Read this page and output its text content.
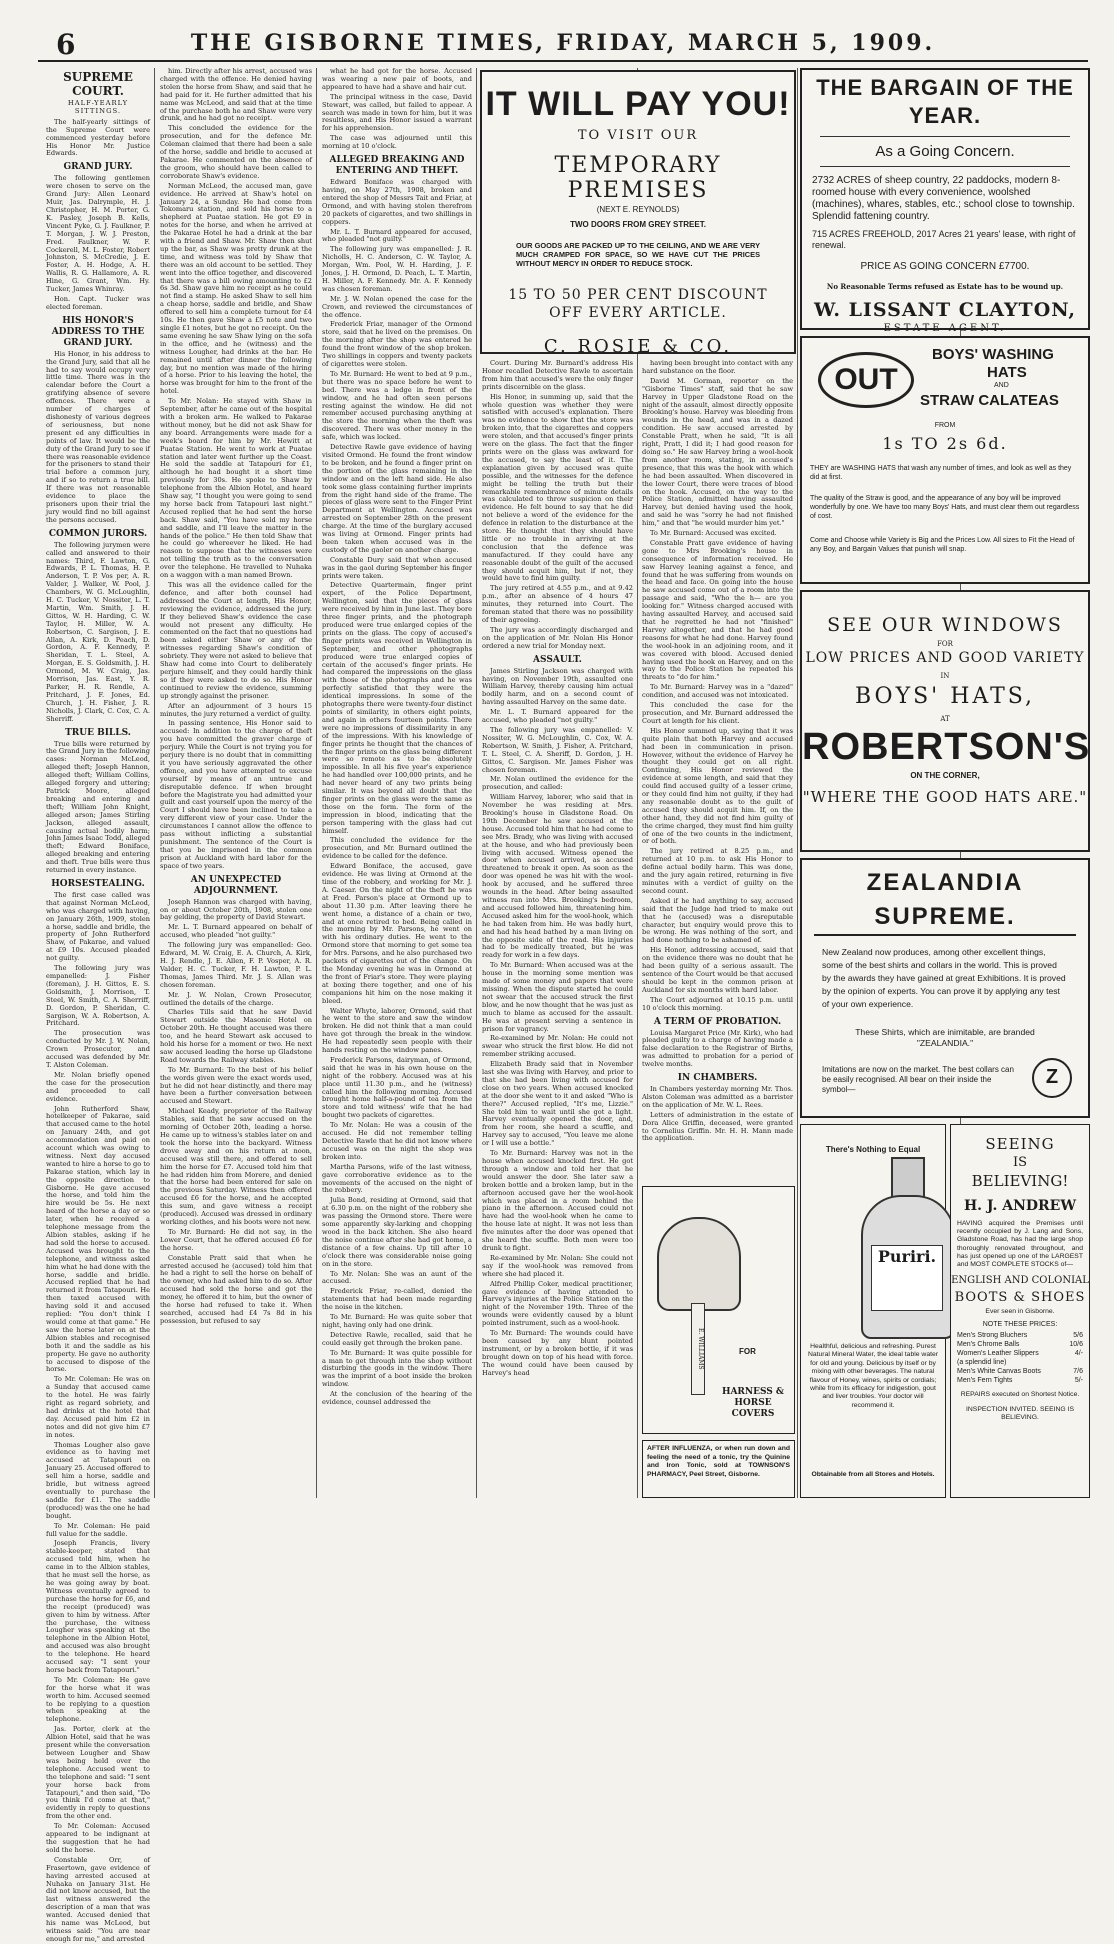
6	THE GISBORNE TIMES, FRIDAY, MARCH 5, 1909.
SUPREME COURT.
HALF-YEARLY SITTINGS.

The half-yearly sittings of the Supreme Court were commenced yesterday before His Honor Mr. Justice Edwards.

GRAND JURY.

The following gentlemen were chosen to serve on the Grand Jury: Allen Leonard Muir, Jas. Dalrymple, H. J. Christopher, H. M. Porter, G. K. Pasley, Joseph B. Kells, Vincent Pyke, G. J. Faulkner, P. T. Morgan, J. W. J. Preston, Fred. Faulkner, W. F. Cockerell, M. L. Foster, Robert Johnston, S. McCredie, J. E. Foster, A. H. Hodge, A. H. Wallis, R. G. Hallamore, A. R. Hine, G. Grant, Wm. Hy. Tucker, James Whinray.

Hon. Capt. Tucker was elected foreman.

HIS HONOR'S ADDRESS TO THE GRAND JURY.

His Honor, in his address to the Grand Jury, said that all he had to say would occupy very little time. There was in the calendar before the Court a gratifying absence of severe offences. There were a number of charges of dishonesty of various degrees of seriousness, but none present ed any difficulties in points of law. It would be the duty of the Grand Jury to see if there was reasonable evidence for the prisoners to stand their trial before a common jury, and if so to return a true bill. If there was not reasonable evidence to place the prisoners upon their trial the jury would find no bill against the persons accused.

COMMON JURORS.

The following jurymen were called and answered to their names: Third, F. Lawton, G. Edwards, P. L. Thomas, H. P. Anderson, T. P. Vos per, A. R. Valder, J. Walker, W. Pool, J. Chambers, W. G. McLoughlin, H. C. Tucker, V. Nossiter, L. T. Martin, Wm. Smith, J. H. Gittos, W. H. Harding, C. W. Taylor, H. Miller, W. A. Robertson, C. Sargison, J. E. Allan, A. Kirk, D. Peach, D. Gordon, A. F. Kennedy, P. Sheridan, T. L. Steel, A. Morgan, E. S. Goldsmith, J. H. Ormond, M. W. Craig, Jas. Morrison, Jas. East, Y. R. Parker, H. R. Rendle, A. Pritchard, J. F. Jones, Ed. Church, J. H. Fisher, J. R. Nicholls, J. Clark, C. Cox, C. A. Sherriff.

TRUE BILLS.

True bills were returned by the Grand Jury in the following cases: Norman McLeod, alleged theft; Joseph Hannon, alleged theft; William Collins, alleged forgery and uttering; Patrick Moore, alleged breaking and entering and theft; William John Knight, alleged arson; James Stirling Jackson, alleged assault, causing actual bodily harm; John James Isaac Todd, alleged theft; Edward Boniface, alleged breaking and entering and theft. True bills were thus returned in every instance.

HORSESTEALING.

The first case called was that against Norman McLeod, who was charged with having, on January 26th, 1909, stolen a horse, saddle and bridle, the property of John Rutherford Shaw, of Pakarae, and valued at £9 10s. Accused pleaded not guilty.

The following jury was empanelled: J. Fisher (foreman), J. H. Gittos, E. S. Goldsmith, J. Morrison, T. Steel, W. Smith, C. A. Sherriff, D. Gordon, P. Sheridan, C. Sargison, W. A. Robertson, A. Pritchard.

The prosecution was conducted by Mr. J. W. Nolan, Crown Prosecutor, and accused was defended by Mr. T. Alston Coleman.

Mr. Nolan briefly opened the case for the prosecution and proceeded to call evidence.

John Rutherford Shaw, hotelkeeper of Pakarae, said that accused came to the hotel on January 24th, and got accommodation and paid on account which was owing to witness. Next day accused wanted to hire a horse to go to Pakarae station, which lay in the opposite direction to Gisborne. He gave accused the horse, and told him the hire would be 5s. He next heard of the horse a day or so later, when he received a telephone message from the Albion stables, asking if he had sold the horse to accused. Accused was brought to the telephone, and witness asked him what he had done with the horse, saddle and bridle. Accused replied that he had returned it from Tatapouri. He then taxed accused with having sold it and accused replied: "You don't think I would come at that game." He saw the horse later on at the Albion stables and recognised both it and the saddle as his property. He gave no authority to accused to dispose of the horse.

To Mr. Coleman: He was on a Sunday that accused came to the hotel. He was fairly right as regard sobriety, and had drinks at the hotel that day. Accused paid him £2 in notes and did not give him £7 in notes.

Thomas Lougher also gave evidence as to having met accused at Tatapouri on January 25. Accused offered to sell him a horse, saddle and bridle, but witness agreed eventually to purchase the saddle for £1. The saddle (produced) was the one he had bought.

To Mr. Coleman: He paid full value for the saddle.

Joseph Francis, livery stable-keeper, stated that accused told him, when he came in to the Albion stables, that he must sell the horse, as he was going away by boat. Witness eventually agreed to purchase the horse for £6, and the receipt (produced) was given to him by witness. After the purchase, the witness Lougher was speaking at the telephone in the Albion Hotel, and accused was also brought to the telephone. He heard accused say: "I sent your horse back from Tatapouri."

To Mr. Coleman: He gave for the horse what it was worth to him. Accused seemed to be replying to a question when speaking at the telephone.

Jas. Porter, clerk at the Albion Hotel, said that he was present while the conversation between Lougher and Shaw was being held over the telephone. Accused went to the telephone and said: "I sent your horse back from Tatapouri," and then said, "Do you think I'd come at that," evidently in reply to questions from the other end.

To Mr. Coleman: Accused appeared to be indignant at the suggestion that he had sold the horse.

Constable Orr, of Frasertown, gave evidence of having arrested accused at Nuhaka on January 31st. He did not know accused, but the last witness answered the description of a man that was wanted. Accused denied that his name was McLeod, but witness said: "You are near enough for me," and arrested

him. Directly after his arrest, accused was charged with the offence. He denied having stolen the horse from Shaw, and said that he had paid for it. He further admitted that his name was McLeod, and said that at the time of the purchase both he and Shaw were very drunk, and he had got no receipt.

This concluded the evidence for the prosecution, and for the defence Mr. Coleman claimed that there had been a sale of the horse, saddle and bridle to accused at Pakarae. He commented on the absence of the groom, who should have been called to corroborate Shaw's evidence.

Norman McLeod, the accused man, gave evidence. He arrived at Shaw's hotel on January 24, a Sunday. He had come from Tokomaru station, and sold his horse to a shepherd at Puatae station. He got £9 in notes for the horse, and when he arrived at the Pakarae Hotel he had a drink at the bar with a friend and Shaw. Mr. Shaw then shut up the bar, as Shaw was pretty drunk at the time, and witness was told by Shaw that there was an old account to be settled. They went into the office together, and discovered that there was a bill owing amounting to £2 6s 3d. Shaw gave him no receipt as he could not find a stamp. He asked Shaw to sell him a cheap horse, saddle and bridle, and Shaw offered to sell him a complete turnout for £4 10s. He then gave Shaw a £5 note and two single £1 notes, but he got no receipt. On the same evening he saw Shaw lying on the sofa in the office, and he (witness) and the witness Lougher, had drinks at the bar. He remained until after dinner the following day, but no mention was made of the hiring of a horse. Prior to his leaving the hotel, the horse was brought for him to the front of the hotel.

To Mr. Nolan: He stayed with Shaw in September, after he came out of the hospital with a broken arm. He walked to Pakarae without money, but he did not ask Shaw for any board. Arrangements were made for a week's board for him by Mr. Hewitt at Puatae Station. He went to work at Puatae station and later went further up the Coast. He sold the saddle at Tatapouri for £1, although he had bought it a short time previously for 30s. He spoke to Shaw by telephone from the Albion Hotel, and heard Shaw say, "I thought you were going to send my horse back from Tatapouri last night." Accused replied that he had sent the horse back. Shaw said, "You have sold my horse and saddle, and I'll leave the matter in the hands of the police." He then told Shaw that he could go whereever he liked. He had reason to suppose that the witnesses were not telling the truth as to the conversation over the telephone. He travelled to Nuhaka on a waggon with a man named Brown.

This was all the evidence called for the defence, and after both counsel had addressed the Court at length, His Honor, reviewing the evidence, addressed the jury. If they believed Shaw's evidence the case would not present any difficulty. He commented on the fact that no questions had been asked either Shaw or any of the witnesses regarding Shaw's condition of sobriety. They were not asked to believe that Shaw had come into Court to deliberately perjure himself, and they could hardly think so if they were asked to do so. His Honor continued to review the evidence, summing up strongly against the prisoner.

After an adjournment of 3 hours 15 minutes, the jury returned a verdict of guilty.

In passing sentence, His Honor said to accused: In addition to the charge of theft you have committed the graver charge of perjury. While the Court is not trying you for perjury there is no doubt that in committing it you have seriously aggravated the other offence, and you have attempted to excuse yourself by means of an untrue and disreputable defence. If when brought before the Magistrate you had admitted your guilt and cast yourself upon the mercy of the Court I should have been inclined to take a very different view of your case. Under the circumstances I cannot allow the offence to pass without inflicting a substantial punishment. The sentence of the Court is that you be imprisoned in the common prison at Auckland with hard labor for the space of two years.

AN UNEXPECTED ADJOURNMENT.

Joseph Hannon was charged with having, on or about October 20th, 1908, stolen one bay gelding, the property of David Stewart.

Mr. L. T. Burnard appeared on behalf of accused, who pleaded "not guilty."

The following jury was empanelled: Geo. Edward, M. W. Craig, E. A. Church, A. Kirk, H. J. Rendle, J. E. Allen, F. P. Vosper, A. R. Valder, H. C. Tucker, F. H. Lawton, P. L. Thomas, James Third. Mr. J. S. Allan was chosen foreman.

Mr. J. W. Nolan, Crown Prosecutor, outlined the details of the charge.

Charles Tills said that he saw David Stewart outside the Masonic Hotel on October 20th. He thought accused was there too, and he heard Stewart ask accused to hold his horse for a moment or two. He next saw accused leading the horse up Gladstone Road towards the Railway stables.

To Mr. Burnard: To the best of his belief the words given were the exact words used, but he did not hear distinctly, and there may have been a further conversation between accused and Stewart.

Michael Keady, proprietor of the Railway Stables, said that he saw accused on the morning of October 20th, leading a horse. He came up to witness's stables later on and took the horse into the backyard. Witness drove away and on his return at noon, accused was still there, and offered to sell him the horse for £7. Accused told him that he had ridden him from Morere, and denied that the horse had been entered for sale on the previous Saturday. Witness then offered accused £6 for the horse, and he accepted this sum, and gave witness a receipt (produced). Accused was dressed in ordinary working clothes, and his boots were not new.

To Mr. Burnard: He did not say, in the Lower Court, that he offered accused £6 for the horse.

Constable Pratt said that when he arrested accused he (accused) told him that he had a right to sell the horse on behalf of the owner, who had asked him to do so. After accused had sold the horse and got the money, he offered it to him, but the owner of the horse had refused to take it. When searched, accused had £4 7s 8d in his possession, but refused to say

what he had got for the horse. Accused was wearing a new pair of boots, and appeared to have had a shave and hair cut.

The principal witness in the case, David Stewart, was called, but failed to appear. A search was made in town for him, but it was resultless, and His Honor issued a warrant for his apprehension.

The case was adjourned until this morning at 10 o'clock.

ALLEGED BREAKING AND ENTERING AND THEFT.

Edward Boniface was charged with having, on May 27th, 1908, broken and entered the shop of Messrs Tait and Friar, at Ormond, and with having stolen therefrom 20 packets of cigarettes, and two shillings in coppers.

Mr. L. T. Burnard appeared for accused, who pleaded "not guilty."

The following jury was empanelled: J. R. Nicholls, H. C. Anderson, C. W. Taylor, A. Morgan, Wm. Pool, W. H. Harding, J. F. Jones, J. H. Ormond, D. Peach, L. T. Martin, H. Miller, A. F. Kennedy. Mr. A. F. Kennedy was chosen foreman.

Mr. J. W. Nolan opened the case for the Crown, and reviewed the circumstances of the offence.

Frederick Friar, manager of the Ormond store, said that he lived on the premises. On the morning after the shop was entered he found the front window of the shop broken. Two shillings in coppers and twenty packets of cigarettes were stolen.

To Mr. Burnard: He went to bed at 9 p.m., but there was no space before he went to bed. There was a ledge in front of the window, and he had often seen persons resting against the window. He did not remember accused purchasing anything at the store the morning when the theft was discovered. There was other money in the safe, which was locked.

Detective Rawle gave evidence of having visited Ormond. He found the front window to be broken, and he found a finger print on the portion of the glass remaining in the window and on the left hand side. He also took some glass containing further imprints from the right hand side of the frame. The pieces of glass were sent to the Finger Print Department at Wellington. Accused was arrested on September 28th on the present charge. At the time of the burglary accused was living at Ormond. Finger prints had been taken when accused was in the custody of the gaoler on another charge.

Constable Dury said that when accused was in the gaol during September his finger prints were taken.

Detective Quartermain, finger print expert, of the Police Department, Wellington, said that the pieces of glass were received by him in June last. They bore three finger prints, and the photograph produced were true enlarged copies of the prints on the glass. The copy of accused's finger prints was received in Wellington in September, and other photographs produced were true enlarged copies of certain of the accused's finger prints. He had compared the impressions on the glass with those of the photographs and he was perfectly satisfied that they were the identical impressions. In some of the photographs there were twenty-four distinct points of similarity, in others eight points, and again in others fourteen points. There were no impressions of dissimilarity in any of the impressions. With his knowledge of finger prints he thought that the chances of the finger prints on the glass being different were so remote as to be absolutely impossible. In all his five year's experience he had handled over 100,000 prints, and he had never heard of any two prints being similar. It was beyond all doubt that the finger prints on the glass were the same as those on the form. The form of the impression in blood, indicating that the person tampering with the glass had cut himself.

This concluded the evidence for the prosecution, and Mr. Burnard outlined the evidence to be called for the defence.

Edward Boniface, the accused, gave evidence. He was living at Ormond at the time of the robbery, and working for Mr. J. A. Caesar. On the night of the theft he was at Fred. Parson's place at Ormond up to about 11.30 p.m. After leaving there he went home, a distance of a chain or two, and at once retired to bed. Being called in the morning by Mr. Parsons, he went on with his ordinary duties. He went to the Ormond store that morning to get some tea for Mrs. Parsons, and he also purchased two packets of cigarettes out of the change. On the Monday evening he was in Ormond at the front of Friar's store. They were playing at boxing there together, and one of his companions hit him on the nose making it bleed.

Walter Whyte, laborer, Ormond, said that he went to the store and saw the window broken. He did not think that a man could have got through the break in the window. He had repeatedly seen people with their hands resting on the window panes.

Frederick Parsons, dairyman, of Ormond, said that he was in his own house on the night of the robbery. Accused was at his place until 11.30 p.m., and he (witness) called him the following morning. Accused brought home half-a-pound of tea from the store and told witness' wife that he had bought two packets of cigarettes.

To Mr. Nolan: He was a cousin of the accused. He did not remember telling Detective Rawle that he did not know where accused was on the night the shop was broken into.

Martha Parsons, wife of the last witness, gave corroborative evidence as to the movements of the accused on the night of the robbery.

Julia Bond, residing at Ormond, said that at 6.30 p.m. on the night of the robbery she was passing the Ormond store. There were some apparently sky-larking and chopping wood in the back kitchen. She also heard the noise continue after she had got home, a distance of a few chains. Up till after 10 o'clock there was considerable noise going on in the store.

To Mr. Nolan: She was an aunt of the accused.

Frederick Friar, re-called, denied the statements that had been made regarding the noise in the kitchen.

To Mr. Burnard: He was quite sober that night, having only had one drink.

Detective Rawle, recalled, said that he could easily get through the broken pane.

To Mr. Burnard: It was quite possible for a man to get through into the shop without disturbing the goods in the window. There was the imprint of a boot inside the broken window.

At the conclusion of the hearing of the evidence, counsel addressed the

IT WILL PAY YOU!
TO VISIT OUR
TEMPORARY PREMISES
(NEXT E. REYNOLDS)
TWO DOORS FROM GREY STREET.
OUR GOODS ARE PACKED UP TO THE CEILING, AND WE ARE VERY MUCH CRAMPED FOR SPACE, SO WE HAVE CUT THE PRICES WITHOUT MERCY IN ORDER TO REDUCE STOCK.
15 TO 50 PER CENT DISCOUNT OFF EVERY ARTICLE.
C. ROSIE & CO.

Court. During Mr. Burnard's address His Honor recalled Detective Rawle to ascertain from him that accused's were the only finger prints discernible on the glass.

His Honor, in summing up, said that the whole question was whether they were satisfied with accused's explanation. There was no evidence to show that the store was broken into, that the cigarettes and coppers were stolen, and that accused's finger prints were on the glass. The fact that the finger prints were on the glass was awkward for the accused, to say the least of it. The explanation given by accused was quite possible, and the witnesses for the defence might be telling the truth but their remarkable remembrance of minute details was calculated to throw suspicion on their evidence. He felt bound to say that he did not believe a word of the evidence for the defence in relation to the disturbance at the store. He thought that they should have little or no trouble in arriving at the conclusion that the defence was manufactured. If they could have any reasonable doubt of the guilt of the accused they should acquit him, but if not, they would have to find him guilty.

The jury retired at 4.55 p.m., and at 9.42 p.m., after an absence of 4 hours 47 minutes, they returned into Court. The foreman stated that there was no possibility of their agreeing.

The jury was accordingly discharged and on the application of Mr. Nolan His Honor ordered a new trial for Monday next.

ASSAULT.

James Stirling Jackson was charged with having, on November 19th, assaulted one William Harvey, thereby causing him actual bodily harm, and on a second count of having assaulted Harvey on the same date.

Mr. L. T. Burnard appeared for the accused, who pleaded "not guilty."

The following jury was empanelled: V. Nossiter, W. G. McLoughlin, C. Cox, W. A. Robertson, W. Smith, J. Fisher, A. Pritchard, T. L. Steel, C. A. Sheriff, D. Gordon, J. H. Gittos, C. Sargison. Mr. James Fisher was chosen foreman.

Mr. Nolan outlined the evidence for the prosecution, and called:

William Harvey, laborer, who said that in November he was residing at Mrs. Brooking's house in Gladstone Road. On 19th December he saw accused at the house. Accused told him that he had come to see Mrs. Brady, who was living with accused at the house, and who had previously been living with accused. Witness opened the door when accused arrived, as accused threatened to break it open. As soon as the door was opened he was hit with the wool-hook by accused, and he suffered three wounds in the head. After being assaulted witness ran into Mrs. Brooking's bedroom, and accused followed him, threatening him. Accused asked him for the wool-hook, which he had taken from him. He was badly hurt, and had his head bathed by a man living on the opposite side of the road. His injuries had to be medically treated, but he was ready for work in a few days.

To Mr. Burnard: When accused was at the house in the morning some mention was made of some money and papers that were missing. When the dispute started he could not swear that the accused struck the first blow, and he now thought that he was just as much to blame as accused for the assault. He was at present serving a sentence in prison for vagrancy.

Re-examined by Mr. Nolan: He could not swear who struck the first blow. He did not remember striking accused.

Elizabeth Brady said that in November last she was living with Harvey, and prior to that she had been living with accused for close on two years. When accused knocked at the door she went to it and asked "Who is there?" Accused replied, "It's me, Lizzie." She told him to wait until she got a light. Harvey eventually opened the door, and, from her room, she heard a scuffle, and Harvey say to accused, "You leave me alone or I will use a bottle."

To Mr. Burnard: Harvey was not in the house when accused knocked first. He got through a window and told her that he would answer the door. She later saw a broken bottle and a broken lamp, but in the afternoon accused gave her the wool-hook which was placed in a room behind the piano in the afternoon. Accused could not have had the wool-hook when he came to the house late at night. It was not less than five minutes after the door was opened that she heard the scuffle. Both men were too drunk to fight.

Re-examined by Mr. Nolan: She could not say if the wool-hook was removed from where she had placed it.

Alfred Phillip Coker, medical practitioner, gave evidence of having attended to Harvey's injuries at the Police Station on the night of the November 19th. Three of the wounds were evidently caused by a blunt pointed instrument, such as a wool-hook.

To Mr. Burnard: The wounds could have been caused by any blunt pointed instrument, or by a broken bottle, if it was brought down on top of his head with force. The wound could have been caused by Harvey's head

having been brought into contact with any hard substance on the floor.

David M. Gorman, reporter on the "Gisborne Times" staff, said that he saw Harvey in Upper Gladstone Road on the night of the assault, almost directly opposite Brooking's house. Harvey was bleeding from wounds in the head, and was in a dazed condition. He saw accused arrested by Constable Pratt, when he said, "It is all right, Pratt, I did it; I had good reason for doing so." He saw Harvey bring a wool-hook from another room, stating, in accused's presence, that this was the hook with which he had been assaulted. When discovered in the lower Court, there were traces of blood on the hook. Accused, on the way to the Police Station, admitted having assaulted Harvey, but denied having used the hook, and said he was "sorry he had not finished him," and that "he would murder him yet."

To Mr. Burnard: Accused was excited.

Constable Pratt gave evidence of having gone to Mrs Brooking's house in consequence of information received. He saw Harvey leaning against a fence, and found that he was suffering from wounds on the head and face. On going into the house he saw accused come out of a room into the passage and said, "Who the h— are you looking for." Witness charged accused with having assaulted Harvey, and accused said that he regretted he had not "finished" Harvey altogether, and that he had good reasons for what he had done. Harvey found the wool-hook in an adjoining room, and it was covered with blood. Accused denied having used the hook on Harvey, and on the way to the Police Station he repeated his threats to "do for him."

To Mr. Burnard: Harvey was in a "dazed" condition, and accused was not intoxicated.

This concluded the case for the prosecution, and Mr. Burnard addressed the Court at length for his client.

His Honor summed up, saying that it was quite plain that both Harvey and accused had been in communication in prison. However, without the evidence of Harvey he thought they could get on all right. Continuing, His Honor reviewed the evidence at some length, and said that they could find accused guilty of a lesser crime, or they could find him not guilty, if they had any reasonable doubt as to the guilt of accused they should acquit him. If, on the other hand, they did not find him guilty of the crime charged, they must find him guilty of one of the two counts in the indictment, or of both.

The jury retired at 8.25 p.m., and returned at 10 p.m. to ask His Honor to define actual bodily harm. This was done, and the jury again retired, returning in five minutes with a verdict of guilty on the second count.

Asked if he had anything to say, accused said that the Judge had tried to make out that he (accused) was a disreputable character, but enquiry would prove this to be wrong. He was nothing of the sort, and had done nothing to be ashamed of.

His Honor, addressing accused, said that on the evidence there was no doubt that he had been guilty of a serious assault. The sentence of the Court would be that accused should be kept in the common prison at Auckland for six months with hard labor.

The Court adjourned at 10.15 p.m. until 10 o'clock this morning.

A TERM OF PROBATION.

Louisa Margaret Price (Mr. Kirk), who had pleaded guilty to a charge of having made a false declaration to the Registrar of Births, was admitted to probation for a period of twelve months.

IN CHAMBERS.

In Chambers yesterday morning Mr. Thos. Alston Coleman was admitted as a barrister on the application of Mr. W. L. Rees.

Letters of administration in the estate of Dora Alice Griffin, deceased, were granted to Cornelius Griffin. Mr. H. H. Mann made the application.

E. WILLIAMS	FOR
HARNESS & HORSE COVERS
AFTER INFLUENZA, or when run down and feeling the need of a tonic, try the Quinine and Iron Tonic, sold at TOWNSON'S PHARMACY, Peel Street, Gisborne.
THE BARGAIN OF THE YEAR.
As a Going Concern.
2732 ACRES of sheep country, 22 paddocks, modern 8-roomed house with every convenience, woolshed (machines), whares, stables, etc.; school close to township. Splendid fattening country.
715 ACRES FREEHOLD, 2017 Acres 21 years' lease, with right of renewal.
PRICE AS GOING CONCERN £7700.
No Reasonable Terms refused as Estate has to be wound up.
W. LISSANT CLAYTON,
ESTATE AGENT.
OUT
BOYS' WASHING
HATS
AND
STRAW CALATEAS
FROM
1s TO 2s 6d.
THEY are WASHING HATS that wash any number of times, and look as well as they did at first.
The quality of the Straw is good, and the appearance of any boy will be improved wonderfully by one. We have too many Boys' Hats, and must clear them out regardless of cost.
Come and Choose while Variety is Big and the Prices Low. All sizes to Fit the Head of any Boy, and Bargain Values that punish will snap.
SEE OUR WINDOWS
FOR
LOW PRICES AND GOOD VARIETY
IN
BOYS' HATS,
AT
ROBERTSON'S
ON THE CORNER,
"WHERE THE GOOD HATS ARE."
ZEALANDIA SUPREME.
New Zealand now produces, among other excellent things, some of the best shirts and collars in the world. This is proved by the awards they have gained at great Exhibitions. It is proved by the opinion of experts. You can prove it by applying any test of your own experience.
These Shirts, which are inimitable, are branded "ZEALANDIA."
Imitations are now on the market. The best collars can be easily recognised. All bear on their inside the symbol—
Z
There's Nothing to Equal
Puriri.
Healthful, delicious and refreshing. Purest Natural Mineral Water, the ideal table water for old and young. Delicious by itself or by mixing with other beverages. The natural flavour of Honey, wines, spirits or cordials; while from its efficacy for indigestion, gout and liver troubles. Your doctor will recommend it.
Obtainable from all Stores and Hotels.
SEEING
IS
BELIEVING!
H. J. ANDREW
HAVING acquired the Premises until recently occupied by J. Lang and Sons, Gladstone Road, has had the large shop thoroughly renovated throughout, and has just opened up one of the LARGEST and MOST COMPLETE STOCKS of—
ENGLISH AND COLONIAL
BOOTS & SHOES
Ever seen in Gisborne.
NOTE THESE PRICES:
Men's Strong Bluchers	5/6
Men's Chrome Balls	10/6
Women's Leather Slippers	4/-
(a splendid line)
Men's White Canvas Boots	7/6
Men's Fern Tights	5/-
REPAIRS executed on Shortest Notice.
INSPECTION INVITED. SEEING IS BELIEVING.
